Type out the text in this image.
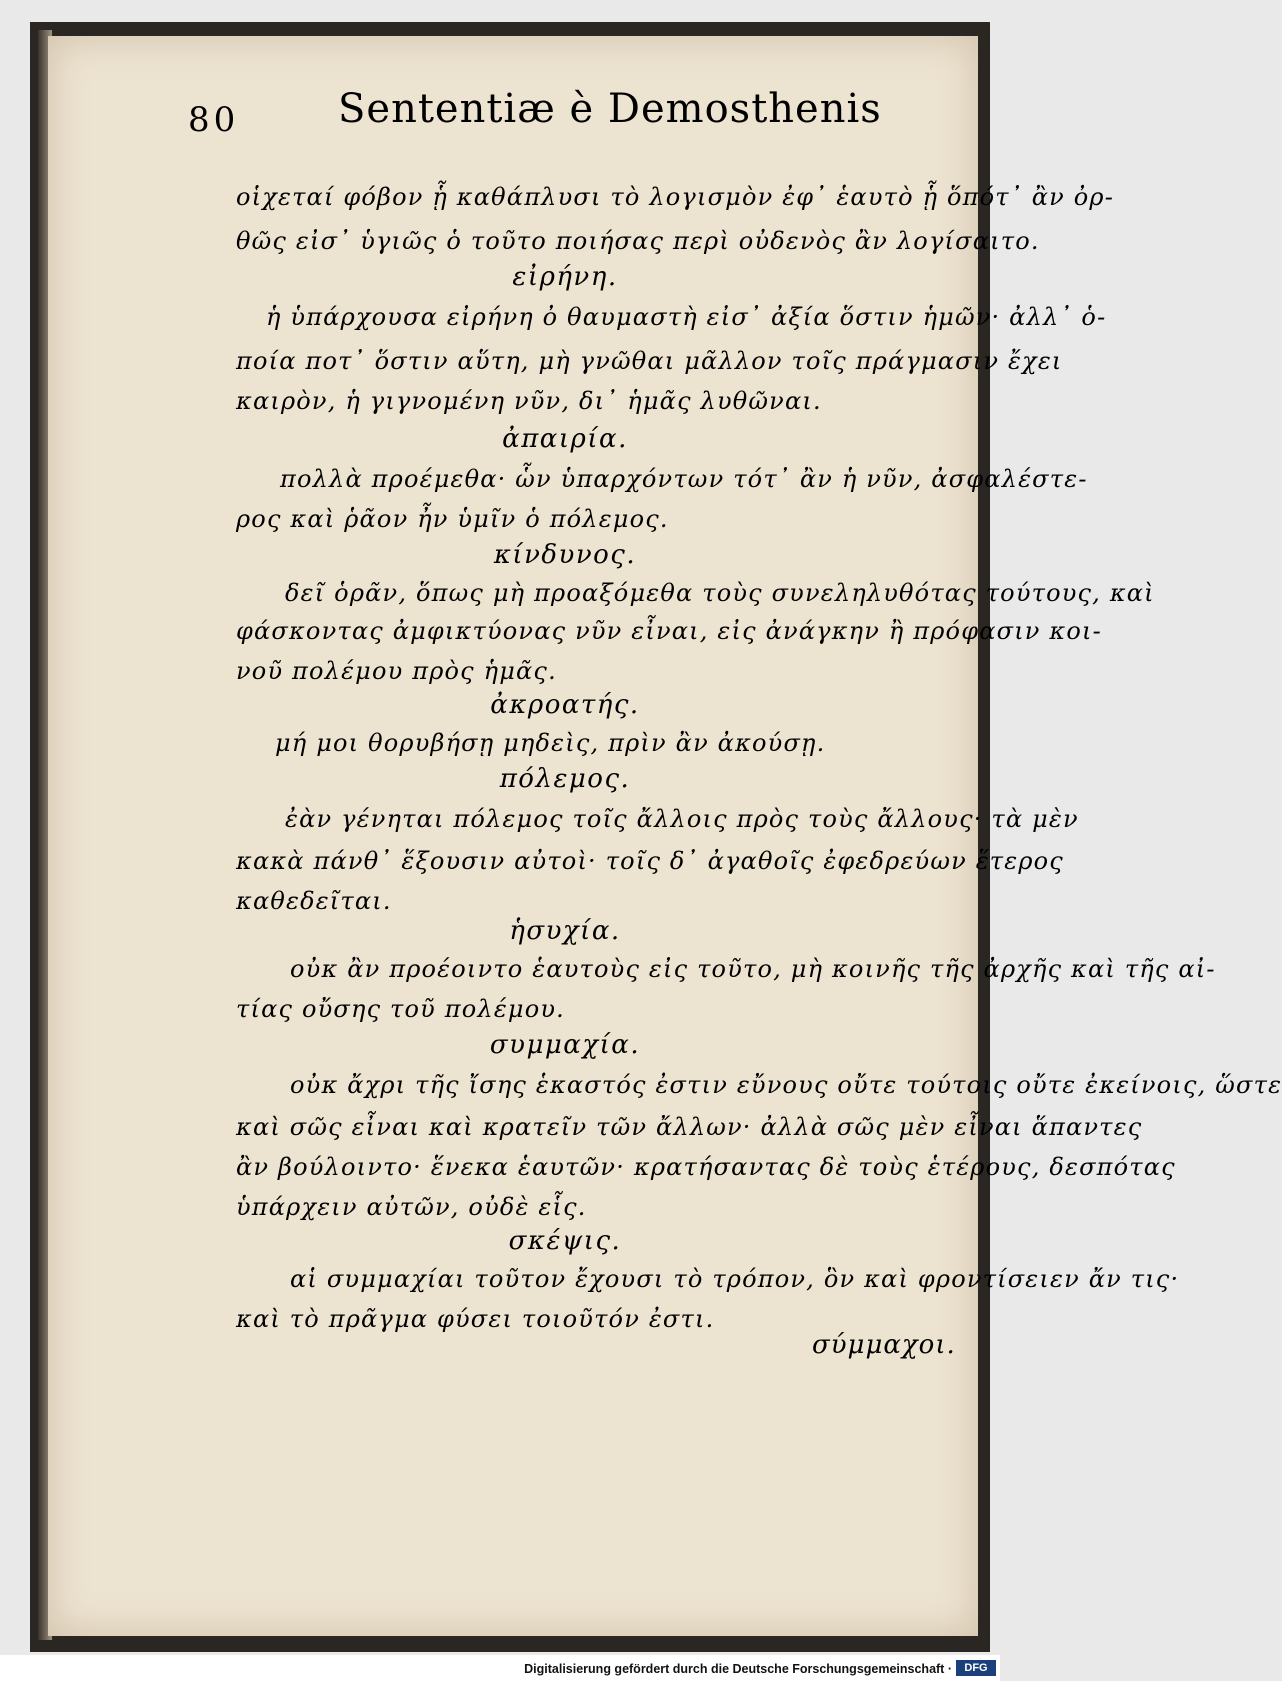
80 Sententiæ è Demosthenis
οἱχεταί φόβον ᾗ καθάπλυσι τὸ λογισμὸν ἐφ᾽ ἑαυτὸ ᾗ ὅπότ᾽ ἂν ὀρ-
θῶς εἰσ᾽ ὑγιῶς ὁ τοῦτο ποιήσας περὶ οὐδενὸς ἂν λογίσαιτο.
εἰρήνη.
ἡ ὑπάρχουσα εἰρήνη ὀ θαυμαστὴ εἰσ᾽ ἀξία ὅστιν ἡμῶν· ἀλλ᾽ ὁ-
ποία ποτ᾽ ὅστιν αὕτη, μὴ γνῶθαι μᾶλλον τοῖς πράγμασιν ἔχει
καιρὸν, ἡ γιγνομένη νῦν, δι᾽ ἡμᾶς λυθῶναι.
ἀπαιρία.
πολλὰ προέμεθα· ὧν ὑπαρχόντων τότ᾽ ἂν ἡ νῦν, ἀσφαλέστε-
ρος καὶ ῥᾶον ἦν ὑμῖν ὁ πόλεμος.
κίνδυνος.
δεῖ ὁρᾶν, ὅπως μὴ προαξόμεθα τοὺς συνεληλυθότας τούτους, καὶ
φάσκοντας ἀμφικτύονας νῦν εἶναι, εἰς ἀνάγκην ἢ πρόφασιν κοι-
νοῦ πολέμου πρὸς ἡμᾶς.
ἀκροατής.
μή μοι θορυβήσῃ μηδεὶς, πρὶν ἂν ἀκούσῃ.
πόλεμος.
ἐὰν γένηται πόλεμος τοῖς ἄλλοις πρὸς τοὺς ἄλλους· τὰ μὲν
κακὰ πάνθ᾽ ἕξουσιν αὐτοὶ· τοῖς δ᾽ ἀγαθοῖς ἐφεδρεύων ἕτερος
καθεδεῖται.
ἡσυχία.
οὐκ ἂν προέοιντο ἑαυτοὺς εἰς τοῦτο, μὴ κοινῆς τῆς ἀρχῆς καὶ τῆς αἰ-
τίας οὔσης τοῦ πολέμου.
συμμαχία.
οὐκ ἄχρι τῆς ἴσης ἑκαστός ἐστιν εὔνους οὔτε τούτοις οὔτε ἐκείνοις, ὥστε
καὶ σῶς εἶναι καὶ κρατεῖν τῶν ἄλλων· ἀλλὰ σῶς μὲν εἶναι ἅπαντες
ἂν βούλοιντο· ἕνεκα ἑαυτῶν· κρατήσαντας δὲ τοὺς ἑτέρους, δεσπότας
ὑπάρχειν αὐτῶν, οὐδὲ εἷς.
σκέψις.
αἱ συμμαχίαι τοῦτον ἔχουσι τὸ τρόπον, ὃν καὶ φροντίσειεν ἄν τις·
καὶ τὸ πρᾶγμα φύσει τοιοῦτόν ἐστι.
σύμμαχοι.
Digitalisierung gefördert durch die Deutsche Forschungsgemeinschaft ·	DFG
